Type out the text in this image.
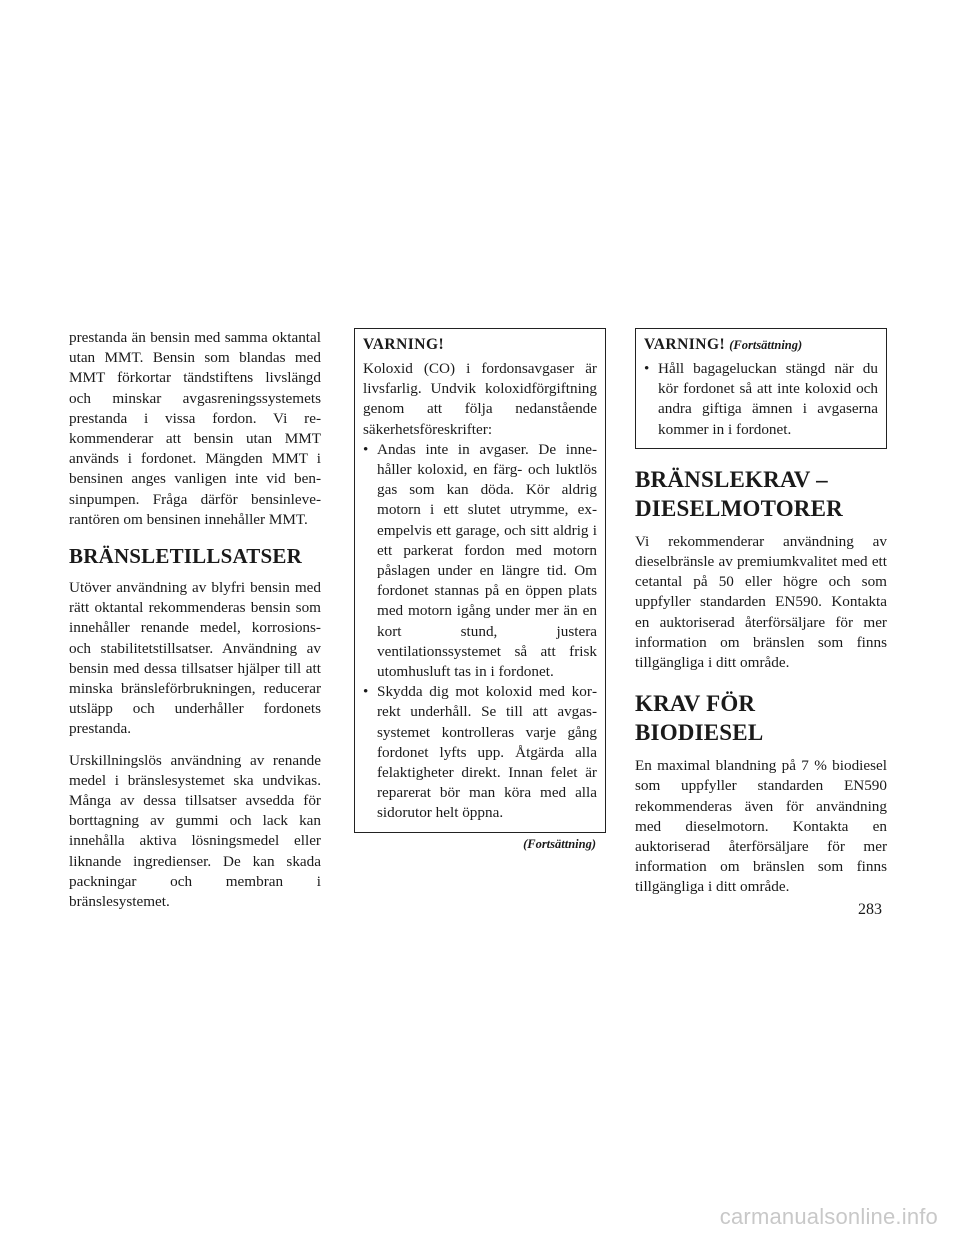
prestanda än bensin med samma oktantal utan MMT. Bensin som blandas med MMT förkortar tändstiftens livslängd och minskar avgasreningssystemets prestanda i vissa fordon. Vi rekommenderar att bensin utan MMT används i fordonet. Mängden MMT i bensinen anges vanligen inte vid bensinpumpen. Fråga därför bensinleverantören om bensinen innehåller MMT.

BRÄNSLETILLSATSER

Utöver användning av blyfri bensin med rätt oktantal rekommenderas bensin som innehåller renande medel, korrosions- och stabilitetstillsatser. Användning av bensin med dessa tillsatser hjälper till att minska bränsleförbrukningen, reducerar utsläpp och underhåller fordonets prestanda.

Urskillningslös användning av renande medel i bränslesystemet ska undvikas. Många av dessa tillsatser avsedda för borttagning av gummi och lack kan innehålla aktiva lösningsmedel eller liknande ingredienser. De kan skada packningar och membran i bränslesystemet.

VARNING!

Koloxid (CO) i fordonsavgaser är livsfarlig. Undvik koloxidförgiftning genom att följa nedanstående säkerhetsföreskrifter:

• Andas inte in avgaser. De innehåller koloxid, en färg- och luktlös gas som kan döda. Kör aldrig motorn i ett slutet utrymme, exempelvis ett garage, och sitt aldrig i ett parkerat fordon med motorn påslagen under en längre tid. Om fordonet stannas på en öppen plats med motorn igång under mer än en kort stund, justera ventilationssystemet så att frisk utomhusluft tas in i fordonet.
• Skydda dig mot koloxid med korrekt underhåll. Se till att avgassystemet kontrolleras varje gång fordonet lyfts upp. Åtgärda alla felaktigheter direkt. Innan felet är reparerat bör man köra med alla sidorutor helt öppna.
(Fortsättning)
VARNING! (Fortsättning)
• Håll bagageluckan stängd när du kör fordonet så att inte koloxid och andra giftiga ämnen i avgaserna kommer in i fordonet.
BRÄNSLEKRAV – DIESELMOTORER

Vi rekommenderar användning av dieselbränsle av premiumkvalitet med ett cetantal på 50 eller högre och som uppfyller standarden EN590. Kontakta en auktoriserad återförsäljare för mer information om bränslen som finns tillgängliga i ditt område.

KRAV FÖR BIODIESEL

En maximal blandning på 7 % biodiesel som uppfyller standarden EN590 rekommenderas även för användning med dieselmotorn. Kontakta en auktoriserad återförsäljare för mer information om bränslen som finns tillgängliga i ditt område.

283
carmanualsonline.info
